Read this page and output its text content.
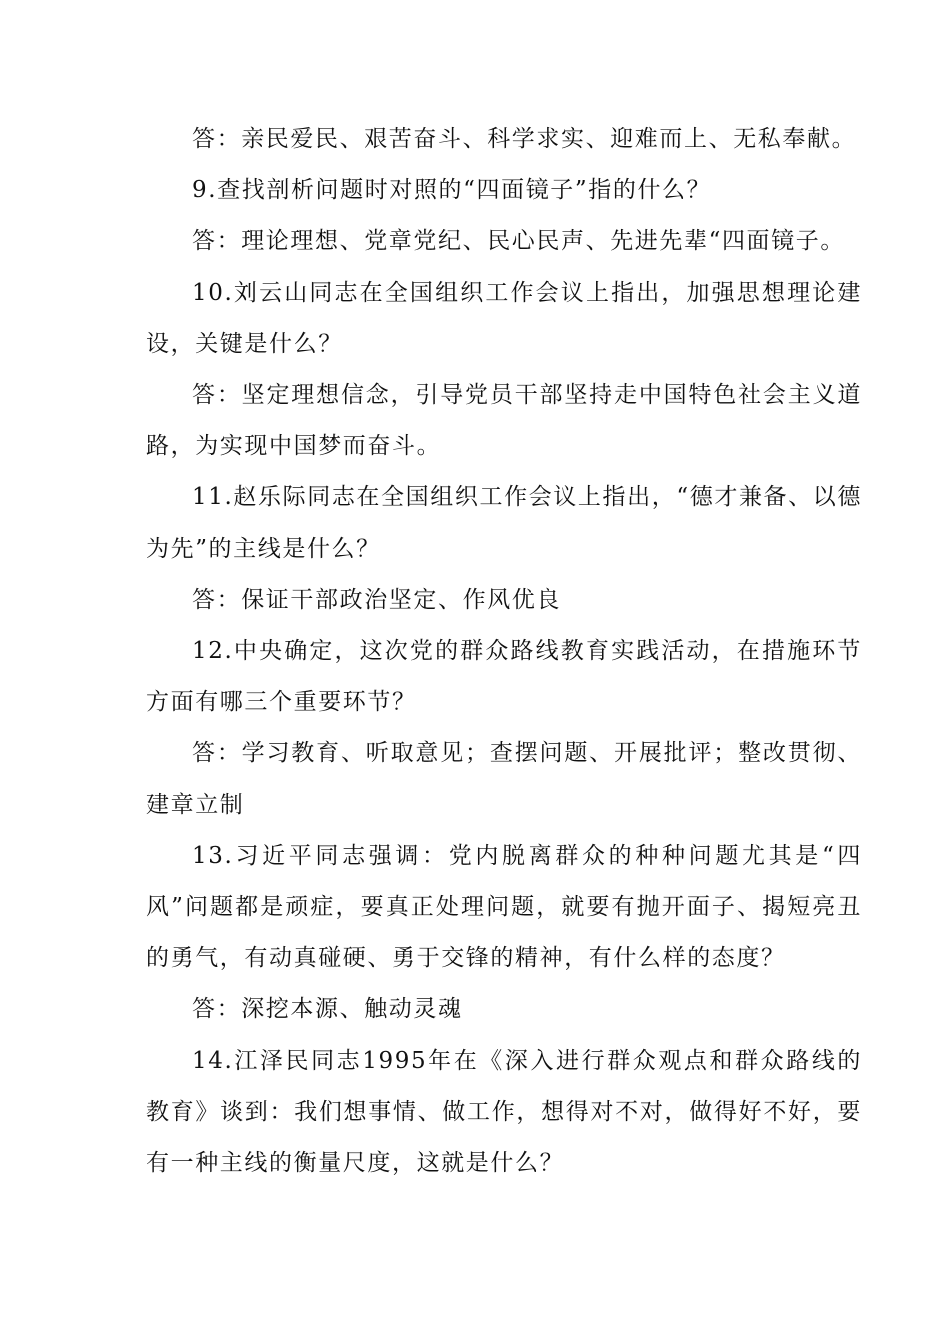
答：亲民爱民、艰苦奋斗、科学求实、迎难而上、无私奉献。

9.查找剖析问题时对照的“四面镜子”指的什么？

答：理论理想、党章党纪、民心民声、先进先辈“四面镜子。

10.刘云山同志在全国组织工作会议上指出，加强思想理论建设，关键是什么？

答：坚定理想信念，引导党员干部坚持走中国特色社会主义道路，为实现中国梦而奋斗。

11.赵乐际同志在全国组织工作会议上指出，“德才兼备、以德为先”的主线是什么？

答：保证干部政治坚定、作风优良

12.中央确定，这次党的群众路线教育实践活动，在措施环节方面有哪三个重要环节？

答：学习教育、听取意见；查摆问题、开展批评；整改贯彻、建章立制

13.习近平同志强调：党内脱离群众的种种问题尤其是“四风”问题都是顽症，要真正处理问题，就要有抛开面子、揭短亮丑的勇气，有动真碰硬、勇于交锋的精神，有什么样的态度？

答：深挖本源、触动灵魂

14.江泽民同志1995年在《深入进行群众观点和群众路线的教育》谈到：我们想事情、做工作，想得对不对，做得好不好，要有一种主线的衡量尺度，这就是什么？
